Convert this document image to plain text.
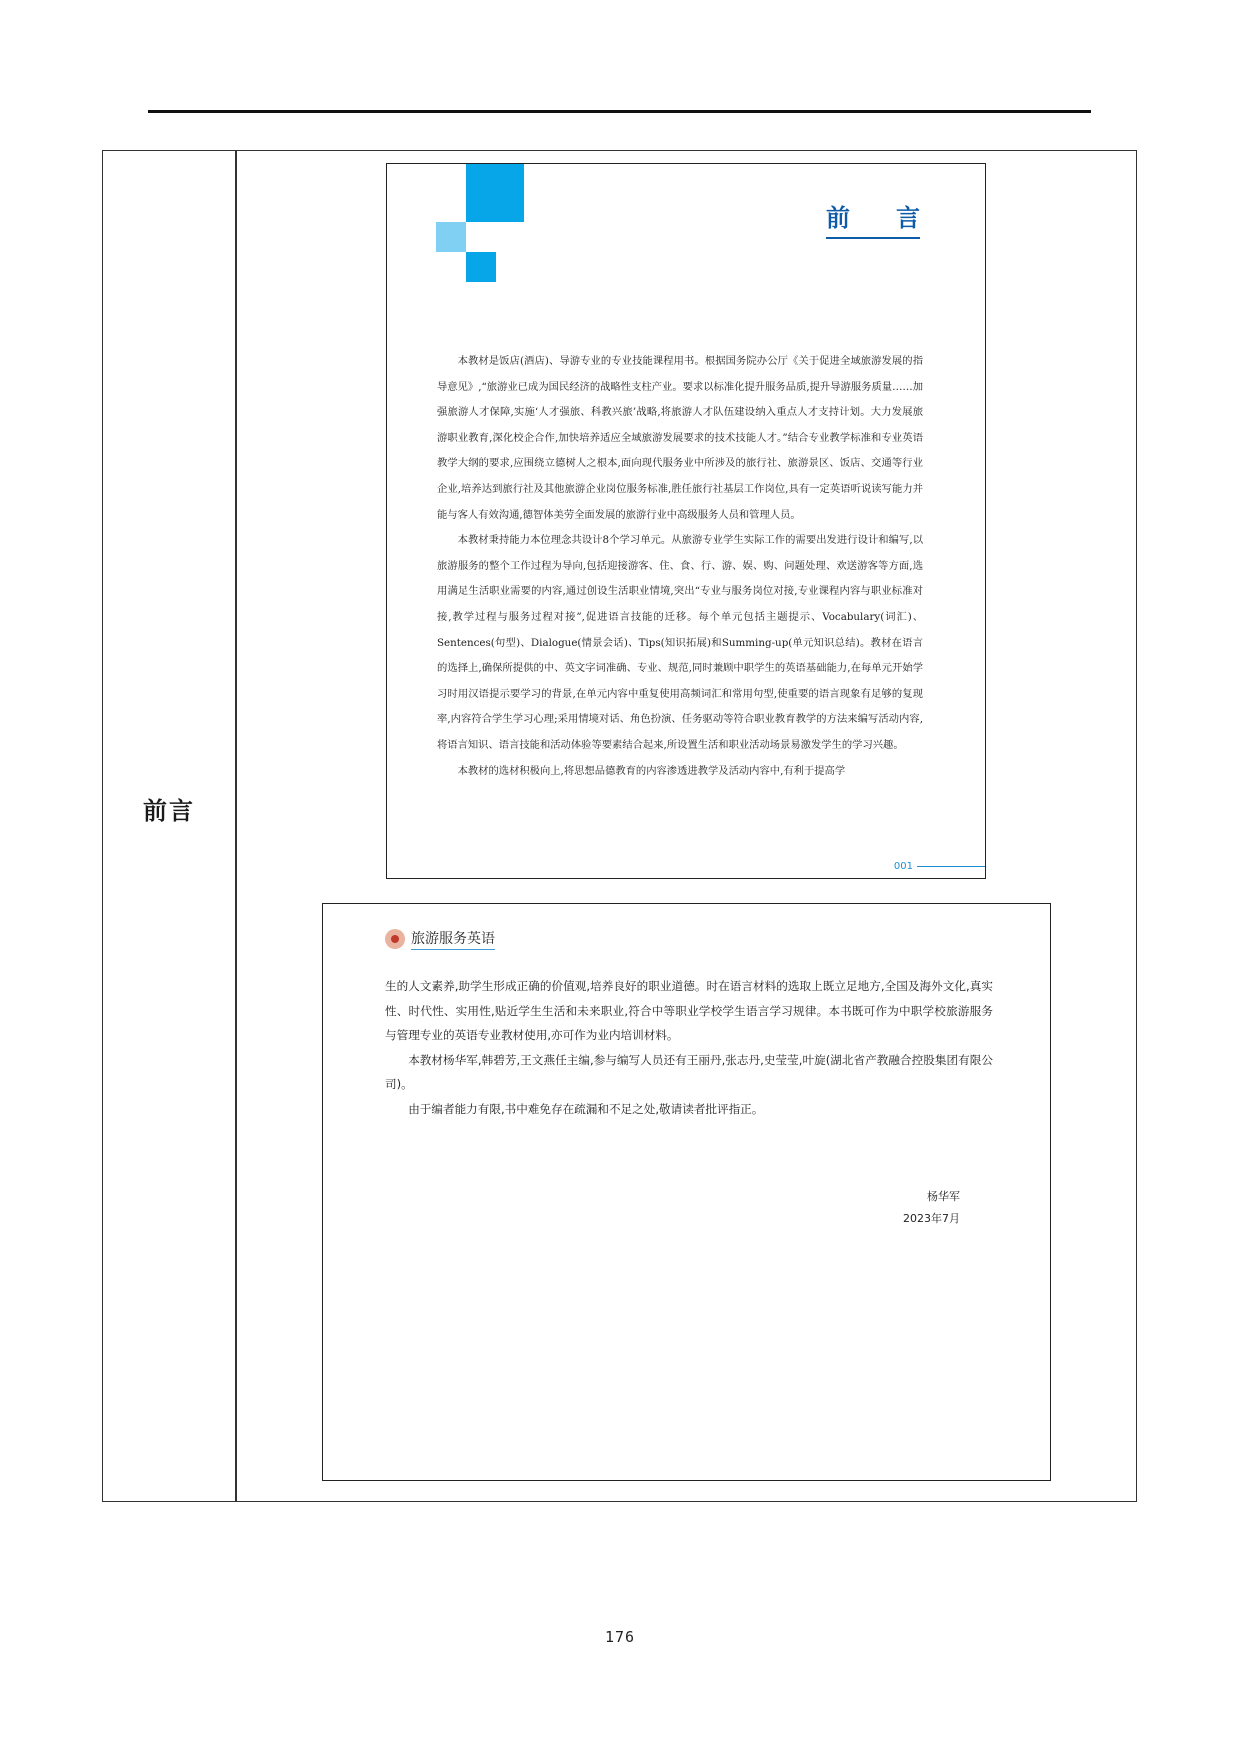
前言
前 言

本教材是饭店(酒店)、导游专业的专业技能课程用书。根据国务院办公厅《关于促进全域旅游发展的指导意见》,“旅游业已成为国民经济的战略性支柱产业。要求以标准化提升服务品质,提升导游服务质量……加强旅游人才保障,实施‘人才强旅、科教兴旅’战略,将旅游人才队伍建设纳入重点人才支持计划。大力发展旅游职业教育,深化校企合作,加快培养适应全域旅游发展要求的技术技能人才。”结合专业教学标准和专业英语教学大纲的要求,应围绕立德树人之根本,面向现代服务业中所涉及的旅行社、旅游景区、饭店、交通等行业企业,培养达到旅行社及其他旅游企业岗位服务标准,胜任旅行社基层工作岗位,具有一定英语听说读写能力并能与客人有效沟通,德智体美劳全面发展的旅游行业中高级服务人员和管理人员。

本教材秉持能力本位理念共设计8个学习单元。从旅游专业学生实际工作的需要出发进行设计和编写,以旅游服务的整个工作过程为导向,包括迎接游客、住、食、行、游、娱、购、问题处理、欢送游客等方面,选用满足生活职业需要的内容,通过创设生活职业情境,突出“专业与服务岗位对接,专业课程内容与职业标准对接,教学过程与服务过程对接”,促进语言技能的迁移。每个单元包括主题提示、Vocabulary(词汇)、Sentences(句型)、Dialogue(情景会话)、Tips(知识拓展)和Summing-up(单元知识总结)。教材在语言的选择上,确保所提供的中、英文字词准确、专业、规范,同时兼顾中职学生的英语基础能力,在每单元开始学习时用汉语提示要学习的背景,在单元内容中重复使用高频词汇和常用句型,使重要的语言现象有足够的复现率,内容符合学生学习心理;采用情境对话、角色扮演、任务驱动等符合职业教育教学的方法来编写活动内容,将语言知识、语言技能和活动体验等要素结合起来,所设置生活和职业活动场景易激发学生的学习兴趣。

本教材的选材积极向上,将思想品德教育的内容渗透进教学及活动内容中,有利于提高学

001
旅游服务英语

生的人文素养,助学生形成正确的价值观,培养良好的职业道德。时在语言材料的选取上既立足地方,全国及海外文化,真实性、时代性、实用性,贴近学生生活和未来职业,符合中等职业学校学生语言学习规律。本书既可作为中职学校旅游服务与管理专业的英语专业教材使用,亦可作为业内培训材料。

本教材杨华军,韩碧芳,王文燕任主编,参与编写人员还有王丽丹,张志丹,史莹莹,叶旋(湖北省产教融合控股集团有限公司)。

由于编者能力有限,书中难免存在疏漏和不足之处,敬请读者批评指正。

杨华军
2023年7月
176
